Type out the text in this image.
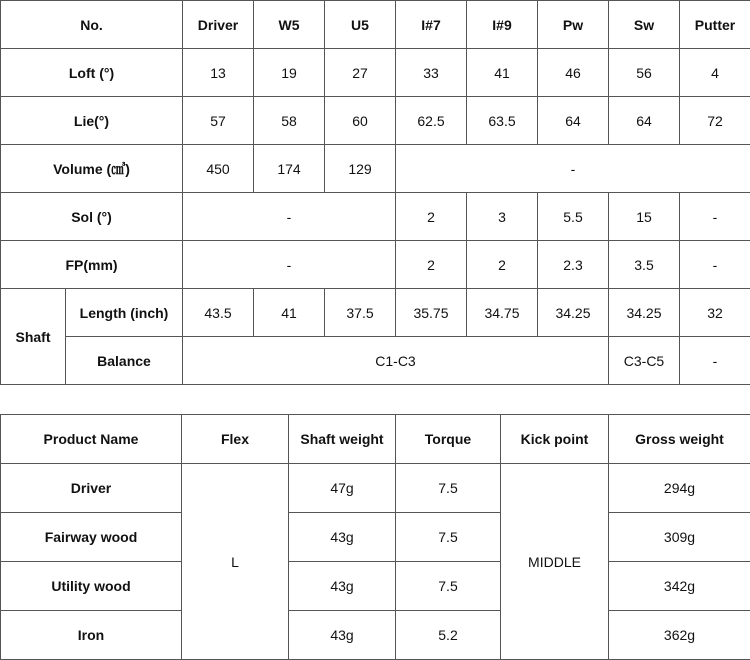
No.		Driver	W5	U5	I#7	I#9	Pw	Sw	Putter
Loft (°)		13	19	27	33	41	46	56	4
Lie(°)		57	58	60	62.5	63.5	64	64	72
Volume (㎤)		450	174	129	-				
Sol (°)		-			2	3	5.5	15	-
FP(mm)		-			2	2	2.3	3.5	-
Shaft	Length (inch)	43.5	41	37.5	35.75	34.75	34.25	34.25	32
	Balance	C1-C3						C3-C5	-
Product Name	Flex	Shaft weight	Torque	Kick point	Gross weight
Driver	L	47g	7.5	MIDDLE	294g
Fairway wood		43g	7.5		309g
Utility wood		43g	7.5		342g
Iron		43g	5.2		362g
